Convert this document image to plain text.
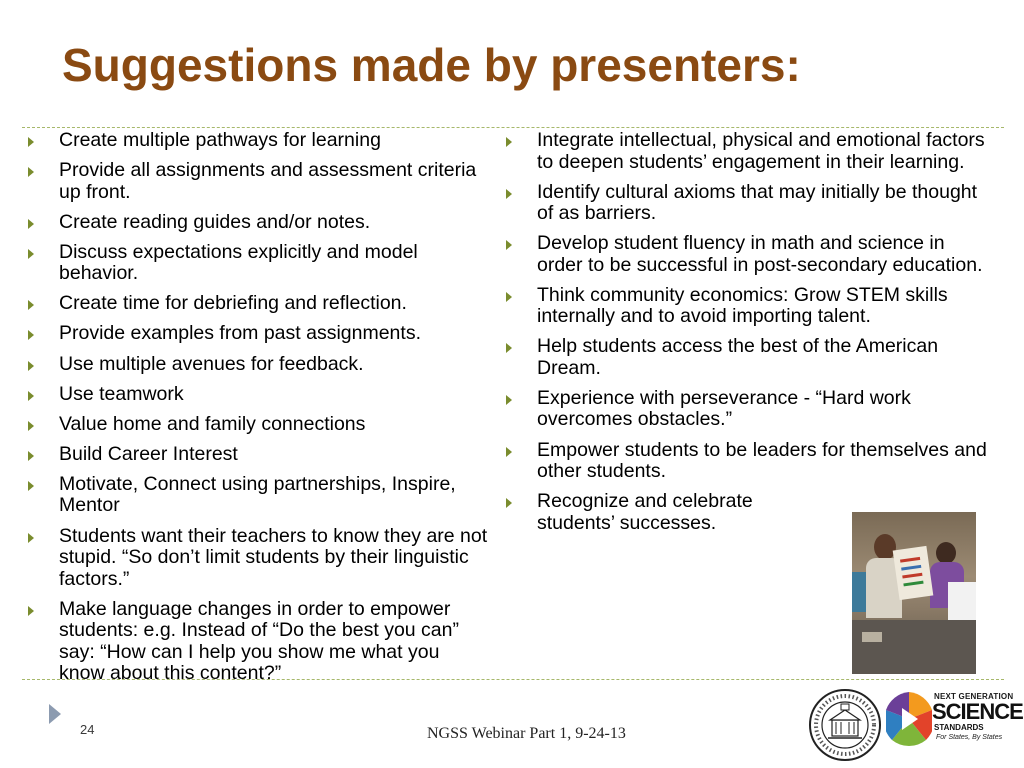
Suggestions made by presenters:
Create multiple pathways for learning
Provide all assignments and assessment criteria up front.
Create reading guides and/or notes.
Discuss expectations explicitly and model behavior.
Create time for debriefing and reflection.
Provide examples from past assignments.
Use multiple avenues for feedback.
Use teamwork
Value home and family connections
Build Career Interest
Motivate, Connect using partnerships, Inspire, Mentor
Students want their teachers to know they are not stupid. “So don’t limit students by their linguistic factors.”
Make language changes in order to empower students: e.g. Instead of “Do the best you can” say: “How can I help you show me what you know about this content?”
Integrate intellectual, physical and emotional factors to deepen students’ engagement in their learning.
Identify cultural axioms that may initially be thought of as barriers.
Develop student fluency in math and science in order to be successful in post-secondary education.
Think community economics: Grow STEM skills internally and to avoid importing talent.
Help students access the best of the American Dream.
Experience with perseverance - “Hard work overcomes obstacles.”
Empower students to be leaders for themselves and other students.
Recognize and celebrate students’ successes.
24	NGSS Webinar Part 1, 9-24-13
NEXT GENERATION
SCIENCE
STANDARDS
For States, By States
